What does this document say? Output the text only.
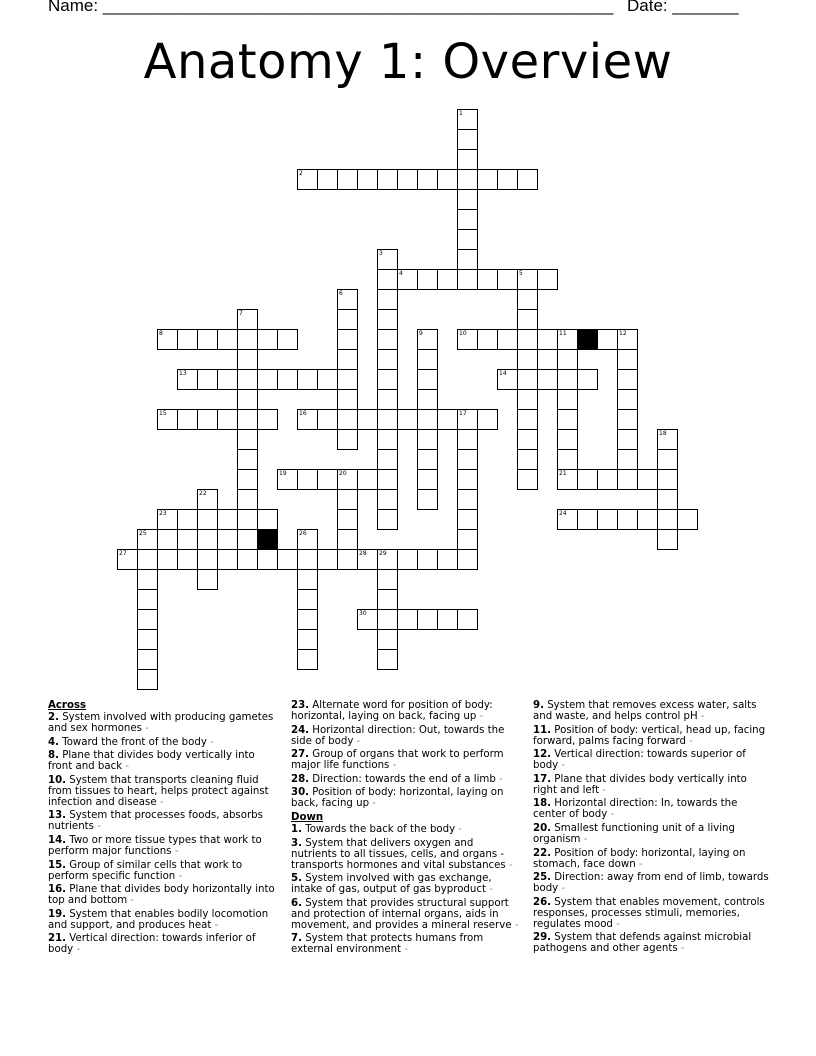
Name: ______________________________________________________ Date: _______
Anatomy 1: Overview
2
4	5
8	10	11	12
13	14
15	16	17
19	20	21
23	24
25
27	28 29
30
1
3
6
7
9
18
22
26
Across
2. System involved with producing gametes and sex hormones -
4. Toward the front of the body -
8. Plane that divides body vertically into front and back -
10. System that transports cleaning fluid from tissues to heart, helps protect against infection and disease -
13. System that processes foods, absorbs nutrients -
14. Two or more tissue types that work to perform major functions -
15. Group of similar cells that work to perform specific function -
16. Plane that divides body horizontally into top and bottom -
19. System that enables bodily locomotion and support, and produces heat -
21. Vertical direction: towards inferior of body -
23. Alternate word for position of body: horizontal, laying on back, facing up -
24. Horizontal direction: Out, towards the side of body -
27. Group of organs that work to perform major life functions -
28. Direction: towards the end of a limb -
30. Position of body: horizontal, laying on back, facing up -
Down
1. Towards the back of the body -
3. System that delivers oxygen and nutrients to all tissues, cells, and organs - transports hormones and vital substances -
5. System involved with gas exchange, intake of gas, output of gas byproduct -
6. System that provides structural support and protection of internal organs, aids in movement, and provides a mineral reserve -
7. System that protects humans from external environment -
9. System that removes excess water, salts and waste, and helps control pH -
11. Position of body: vertical, head up, facing forward, palms facing forward -
12. Vertical direction: towards superior of body -
17. Plane that divides body vertically into right and left -
18. Horizontal direction: In, towards the center of body -
20. Smallest functioning unit of a living organism -
22. Position of body: horizontal, laying on stomach, face down -
25. Direction: away from end of limb, towards body -
26. System that enables movement, controls responses, processes stimuli, memories, regulates mood -
29. System that defends against microbial pathogens and other agents -
